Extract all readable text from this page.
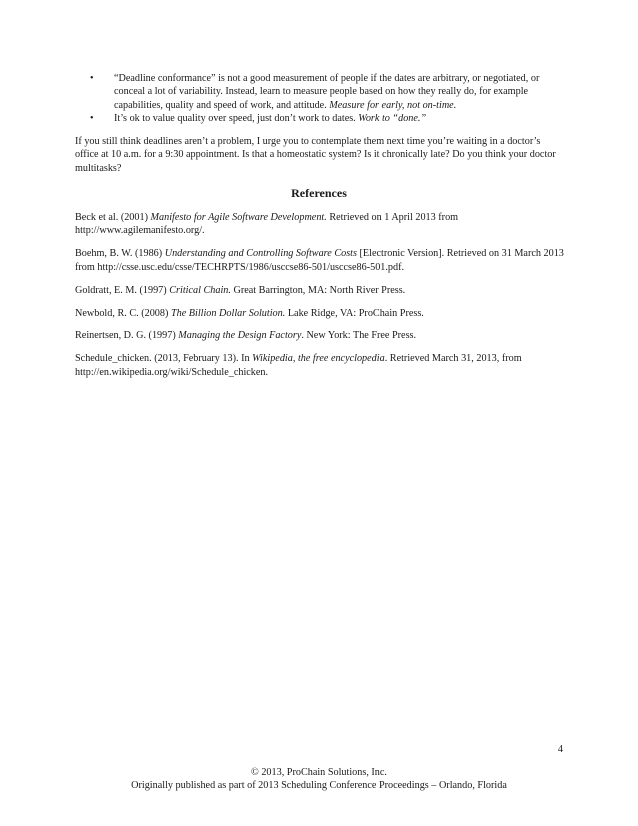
• “Deadline conformance” is not a good measurement of people if the dates are arbitrary, or negotiated, or conceal a lot of variability. Instead, learn to measure people based on how they really do, for example capabilities, quality and speed of work, and attitude. Measure for early, not on-time.
• It’s ok to value quality over speed, just don’t work to dates. Work to “done.”

If you still think deadlines aren’t a problem, I urge you to contemplate them next time you’re waiting in a doctor’s office at 10 a.m. for a 9:30 appointment. Is that a homeostatic system? Is it chronically late? Do you think your doctor multitasks?

References

Beck et al. (2001) Manifesto for Agile Software Development. Retrieved on 1 April 2013 from http://www.agilemanifesto.org/.

Boehm, B. W. (1986) Understanding and Controlling Software Costs [Electronic Version]. Retrieved on 31 March 2013 from http://csse.usc.edu/csse/TECHRPTS/1986/usccse86-501/usccse86-501.pdf.

Goldratt, E. M. (1997) Critical Chain. Great Barrington, MA: North River Press.

Newbold, R. C. (2008) The Billion Dollar Solution. Lake Ridge, VA: ProChain Press.

Reinertsen, D. G. (1997) Managing the Design Factory. New York: The Free Press.

Schedule_chicken. (2013, February 13). In Wikipedia, the free encyclopedia. Retrieved March 31, 2013, from http://en.wikipedia.org/wiki/Schedule_chicken.

4
© 2013, ProChain Solutions, Inc.
Originally published as part of 2013 Scheduling Conference Proceedings – Orlando, Florida
